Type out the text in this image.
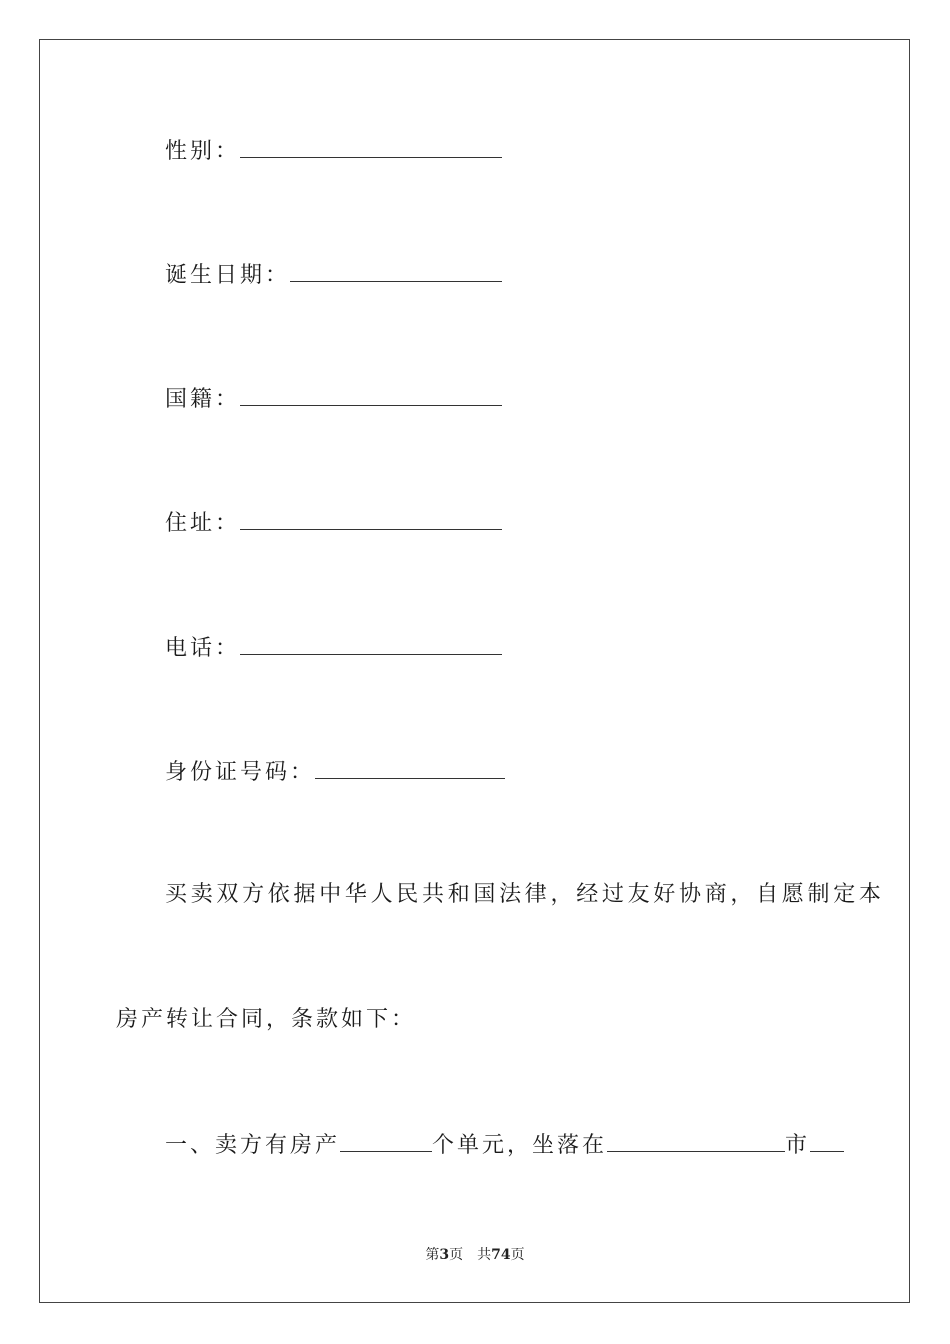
性别：
诞生日期：
国籍：
住址：
电话：
身份证号码：
买卖双方依据中华人民共和国法律，经过友好协商，自愿制定本
房产转让合同，条款如下：
一、卖方有房产	个单元，坐落在	市
第3页 共74页
